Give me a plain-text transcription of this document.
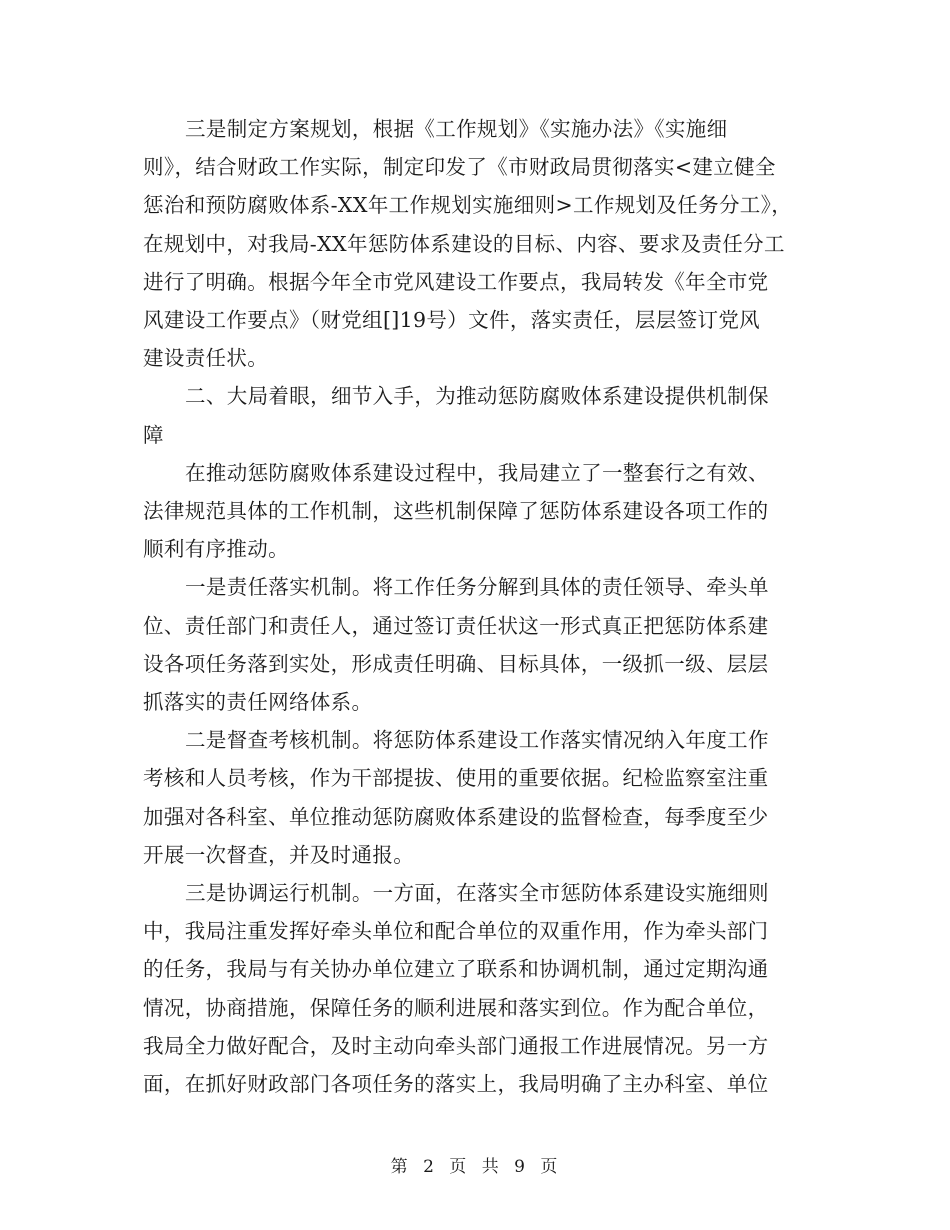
三是制定方案规划，根据《工作规划》《实施办法》《实施细
则》，结合财政工作实际，制定印发了《市财政局贯彻落实<建立健全
惩治和预防腐败体系-XX年工作规划实施细则>工作规划及任务分工》，
在规划中，对我局-XX年惩防体系建设的目标、内容、要求及责任分工
进行了明确。根据今年全市党风建设工作要点，我局转发《年全市党
风建设工作要点》（财党组[]19号）文件，落实责任，层层签订党风
建设责任状。

二、大局着眼，细节入手，为推动惩防腐败体系建设提供机制保
障

在推动惩防腐败体系建设过程中，我局建立了一整套行之有效、
法律规范具体的工作机制，这些机制保障了惩防体系建设各项工作的
顺利有序推动。

一是责任落实机制。将工作任务分解到具体的责任领导、牵头单
位、责任部门和责任人，通过签订责任状这一形式真正把惩防体系建
设各项任务落到实处，形成责任明确、目标具体，一级抓一级、层层
抓落实的责任网络体系。

二是督查考核机制。将惩防体系建设工作落实情况纳入年度工作
考核和人员考核，作为干部提拔、使用的重要依据。纪检监察室注重
加强对各科室、单位推动惩防腐败体系建设的监督检查，每季度至少
开展一次督查，并及时通报。

三是协调运行机制。一方面，在落实全市惩防体系建设实施细则
中，我局注重发挥好牵头单位和配合单位的双重作用，作为牵头部门
的任务，我局与有关协办单位建立了联系和协调机制，通过定期沟通
情况，协商措施，保障任务的顺利进展和落实到位。作为配合单位，
我局全力做好配合，及时主动向牵头部门通报工作进展情况。另一方
面，在抓好财政部门各项任务的落实上，我局明确了主办科室、单位

第 2 页 共 9 页
